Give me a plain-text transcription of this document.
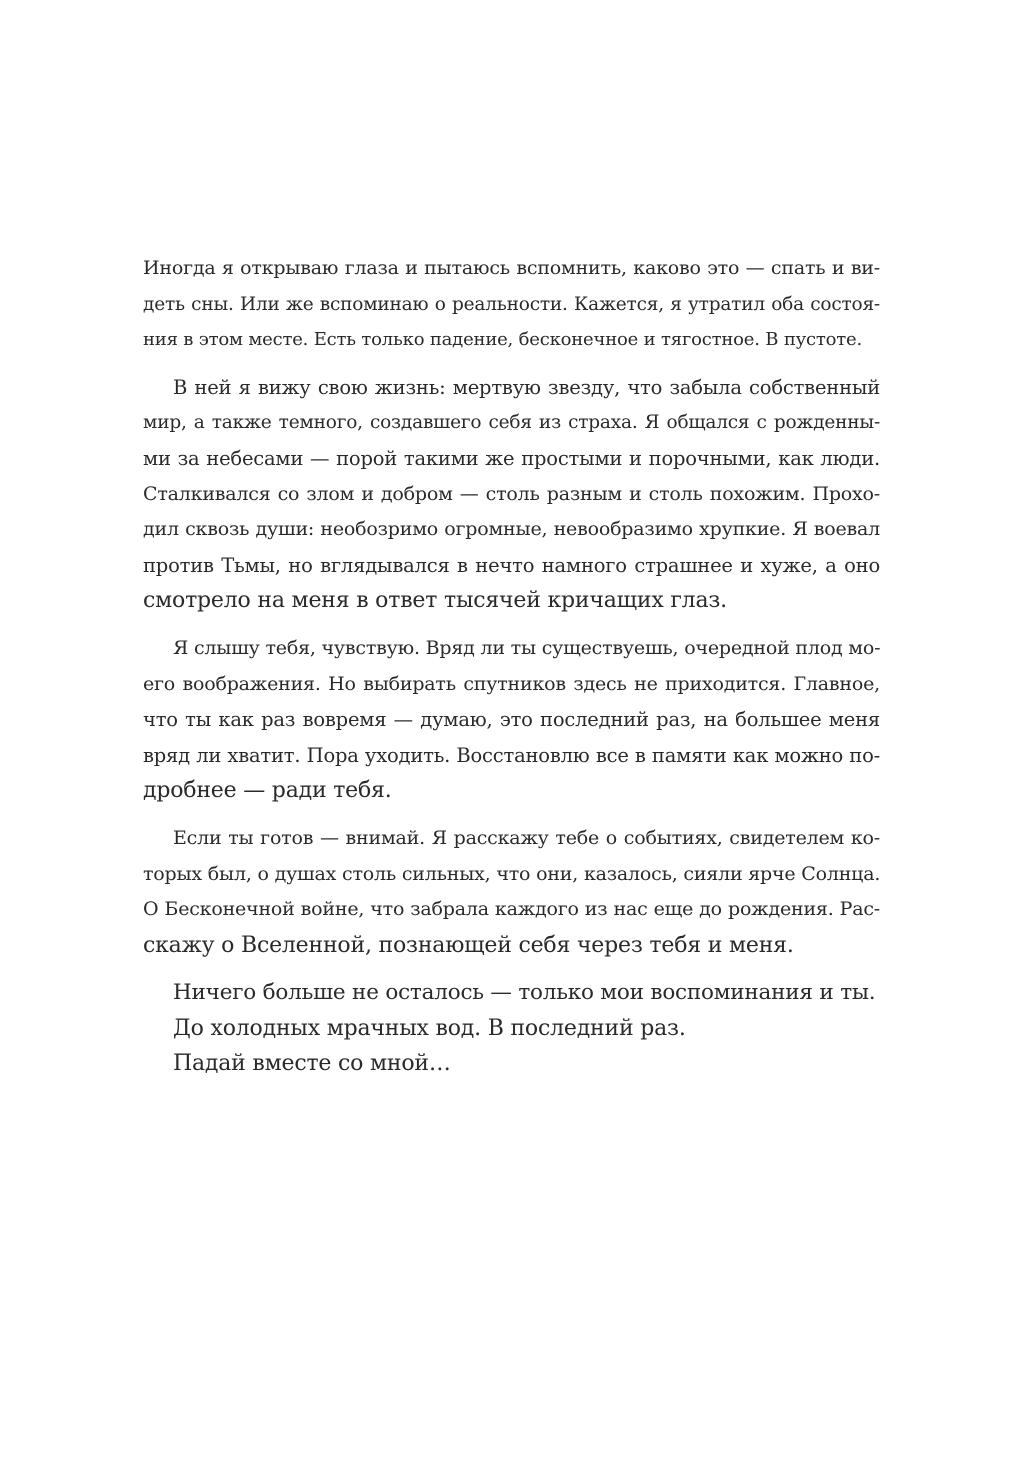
Иногда я открываю глаза и пытаюсь вспомнить, каково это — спать и ви-
деть сны. Или же вспоминаю о реальности. Кажется, я утратил оба состоя-
ния в этом месте. Есть только падение, бесконечное и тягостное. В пустоте.
В ней я вижу свою жизнь: мертвую звезду, что забыла собственный
мир, а также темного, создавшего себя из страха. Я общался с рожденны-
ми за небесами — порой такими же простыми и порочными, как люди.
Сталкивался со злом и добром — столь разным и столь похожим. Прохо-
дил сквозь души: необозримо огромные, невообразимо хрупкие. Я воевал
против Тьмы, но вглядывался в нечто намного страшнее и хуже, а оно
смотрело на меня в ответ тысячей кричащих глаз.
Я слышу тебя, чувствую. Вряд ли ты существуешь, очередной плод мо-
его воображения. Но выбирать спутников здесь не приходится. Главное,
что ты как раз вовремя — думаю, это последний раз, на большее меня
вряд ли хватит. Пора уходить. Восстановлю все в памяти как можно по-
дробнее — ради тебя.
Если ты готов — внимай. Я расскажу тебе о событиях, свидетелем ко-
торых был, о душах столь сильных, что они, казалось, сияли ярче Солнца.
О Бесконечной войне, что забрала каждого из нас еще до рождения. Рас-
скажу о Вселенной, познающей себя через тебя и меня.
Ничего больше не осталось — только мои воспоминания и ты.
До холодных мрачных вод. В последний раз.
Падай вместе со мной…
